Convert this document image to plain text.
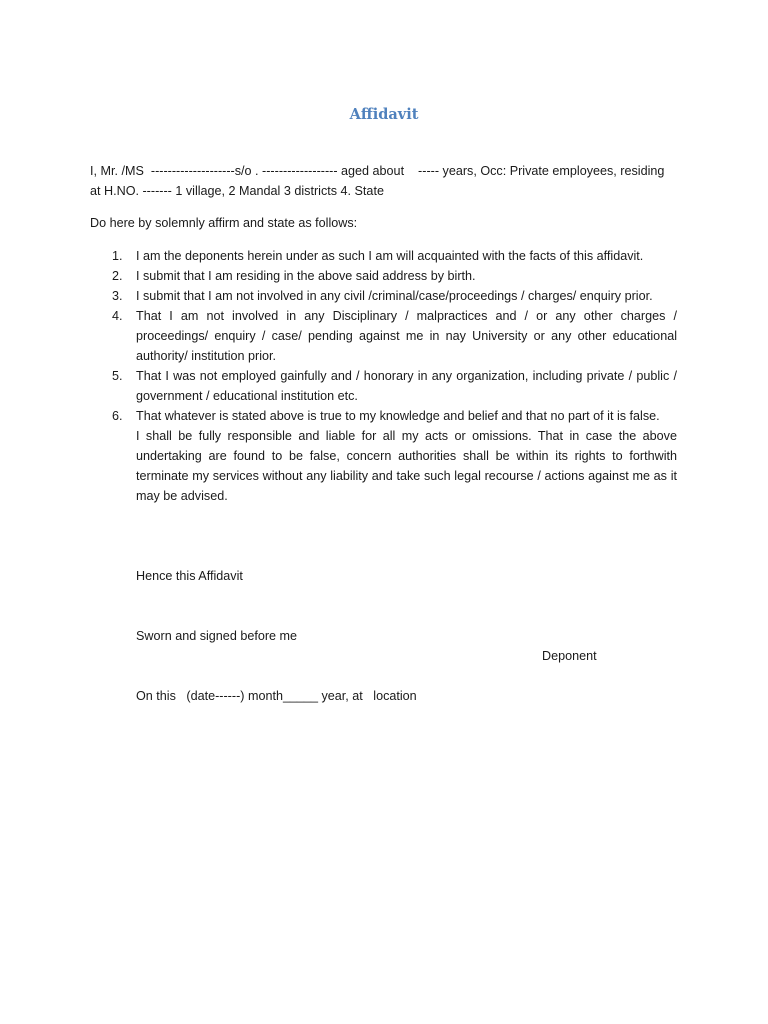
Affidavit
I, Mr. /MS  --------------------s/o . ------------------ aged about    ----- years, Occ: Private employees, residing
at H.NO. ------- 1 village, 2 Mandal 3 districts 4. State
Do here by solemnly affirm and state as follows:
1. I am the deponents herein under as such I am will acquainted with the facts of this affidavit.
2. I submit that I am residing in the above said address by birth.
3. I submit that I am not involved in any civil /criminal/case/proceedings / charges/ enquiry prior.
4. That I am not involved in any Disciplinary / malpractices and / or any other charges / proceedings/ enquiry / case/ pending against me in nay University or any other educational authority/ institution prior.
5. That I was not employed gainfully and / honorary in any organization, including private / public / government / educational institution etc.
6. That whatever is stated above is true to my knowledge and belief and that no part of it is false.
I shall be fully responsible and liable for all my acts or omissions. That in case the above undertaking are found to be false, concern authorities shall be within its rights to forthwith terminate my services without any liability and take such legal recourse / actions against me as it may be advised.

Hence this Affidavit

Sworn and signed before me

On this   (date------) month_____ year, at   location

Deponent
